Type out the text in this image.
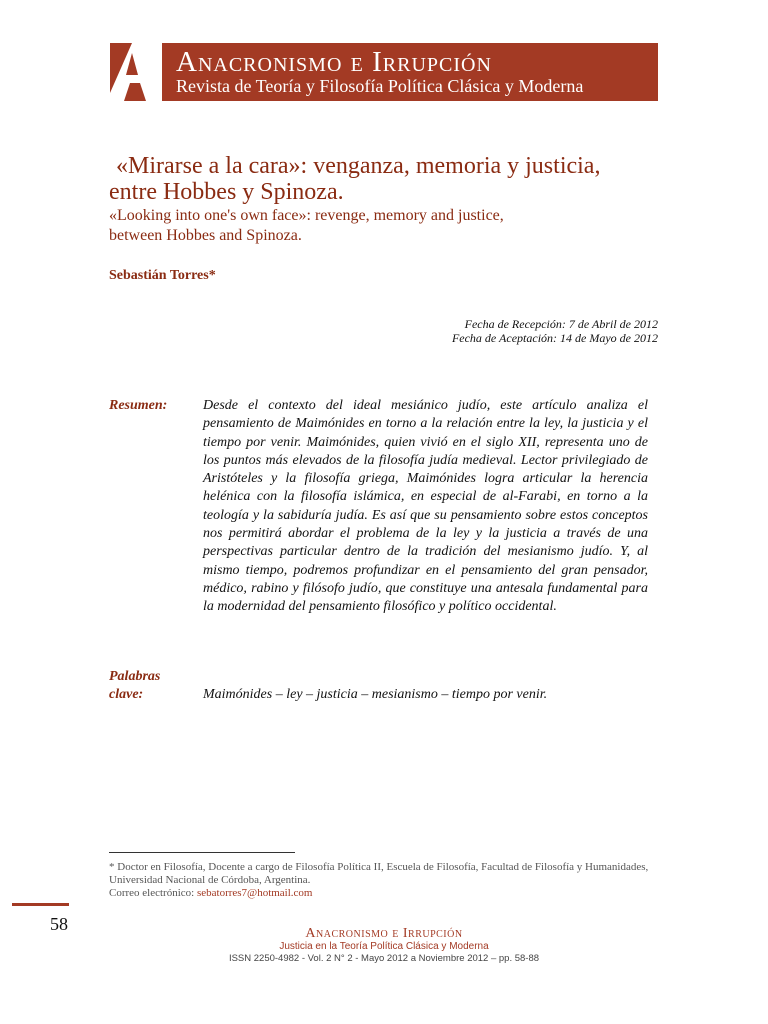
Anacronismo e Irrupción
Revista de Teoría y Filosofía Política Clásica y Moderna
«Mirarse a la cara»: venganza, memoria y justicia,
entre Hobbes y Spinoza.
«Looking into one's own face»: revenge, memory and justice,
between Hobbes and Spinoza.
Sebastián Torres*
Fecha de Recepción: 7 de Abril de 2012
Fecha de Aceptación: 14 de Mayo de 2012
Resumen:	Desde el contexto del ideal mesiánico judío, este artículo analiza el pensamiento de Maimónides en torno a la relación entre la ley, la justicia y el tiempo por venir. Maimónides, quien vivió en el siglo XII, representa uno de los puntos más elevados de la filosofía judía medieval. Lector privilegiado de Aristóteles y la filosofía griega, Maimónides logra articular la herencia helénica con la filosofía islámica, en especial de al-Farabi, en torno a la teología y la sabiduría judía. Es así que su pensamiento sobre estos conceptos nos permitirá abordar el problema de la ley y la justicia a través de una perspectivas particular dentro de la tradición del mesianismo judío. Y, al mismo tiempo, podremos profundizar en el pensamiento del gran pensador, médico, rabino y filósofo judío, que constituye una antesala fundamental para la modernidad del pensamiento filosófico y político occidental.
Palabras
clave:	Maimónides – ley – justicia – mesianismo – tiempo por venir.
* Doctor en Filosofía, Docente a cargo de Filosofía Política II, Escuela de Filosofía, Facultad de Filosofía y Humanidades, Universidad Nacional de Córdoba, Argentina.
Correo electrónico: sebatorres7@hotmail.com
58	Anacronismo e Irrupción
Justicia en la Teoría Política Clásica y Moderna
ISSN 2250-4982 - Vol. 2 N° 2 - Mayo 2012 a Noviembre 2012 – pp. 58-88
